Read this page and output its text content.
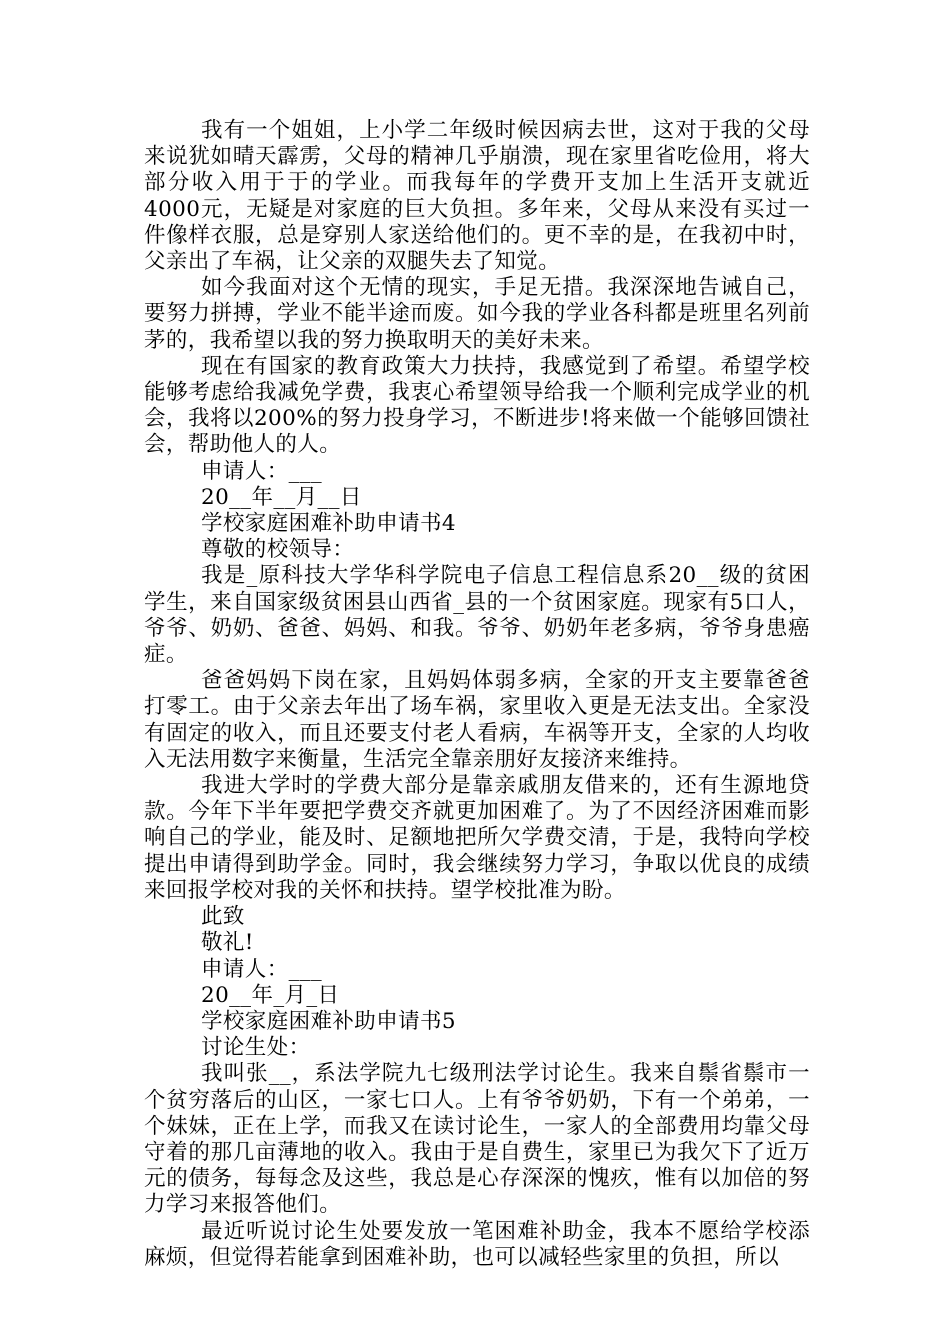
我有一个姐姐，上小学二年级时候因病去世，这对于我的父母来说犹如晴天霹雳，父母的精神几乎崩溃，现在家里省吃俭用，将大部分收入用于于的学业。而我每年的学费开支加上生活开支就近4000元，无疑是对家庭的巨大负担。多年来，父母从来没有买过一件像样衣服，总是穿别人家送给他们的。更不幸的是，在我初中时，父亲出了车祸，让父亲的双腿失去了知觉。

如今我面对这个无情的现实，手足无措。我深深地告诫自己，要努力拼搏，学业不能半途而废。如今我的学业各科都是班里名列前茅的，我希望以我的努力换取明天的美好未来。

现在有国家的教育政策大力扶持，我感觉到了希望。希望学校能够考虑给我减免学费，我衷心希望领导给我一个顺利完成学业的机会，我将以200%的努力投身学习，不断进步!将来做一个能够回馈社会，帮助他人的人。

申请人：___

20__年__月__日

学校家庭困难补助申请书4

尊敬的校领导：

我是_原科技大学华科学院电子信息工程信息系20__级的贫困学生，来自国家级贫困县山西省_县的一个贫困家庭。现家有5口人，爷爷、奶奶、爸爸、妈妈、和我。爷爷、奶奶年老多病，爷爷身患癌症。

爸爸妈妈下岗在家，且妈妈体弱多病，全家的开支主要靠爸爸打零工。由于父亲去年出了场车祸，家里收入更是无法支出。全家没有固定的收入，而且还要支付老人看病，车祸等开支，全家的人均收入无法用数字来衡量，生活完全靠亲朋好友接济来维持。

我进大学时的学费大部分是靠亲戚朋友借来的，还有生源地贷款。今年下半年要把学费交齐就更加困难了。为了不因经济困难而影响自己的学业，能及时、足额地把所欠学费交清，于是，我特向学校提出申请得到助学金。同时，我会继续努力学习，争取以优良的成绩来回报学校对我的关怀和扶持。望学校批准为盼。

此致

敬礼!

申请人：___

20__年_月_日

学校家庭困难补助申请书5

讨论生处：

我叫张__，系法学院九七级刑法学讨论生。我来自鬃省鬃市一个贫穷落后的山区，一家七口人。上有爷爷奶奶，下有一个弟弟，一个妹妹，正在上学，而我又在读讨论生，一家人的全部费用均靠父母守着的那几亩薄地的收入。我由于是自费生，家里已为我欠下了近万元的债务，每每念及这些，我总是心存深深的愧疚，惟有以加倍的努力学习来报答他们。

最近听说讨论生处要发放一笔困难补助金，我本不愿给学校添麻烦，但觉得若能拿到困难补助，也可以减轻些家里的负担，所以
